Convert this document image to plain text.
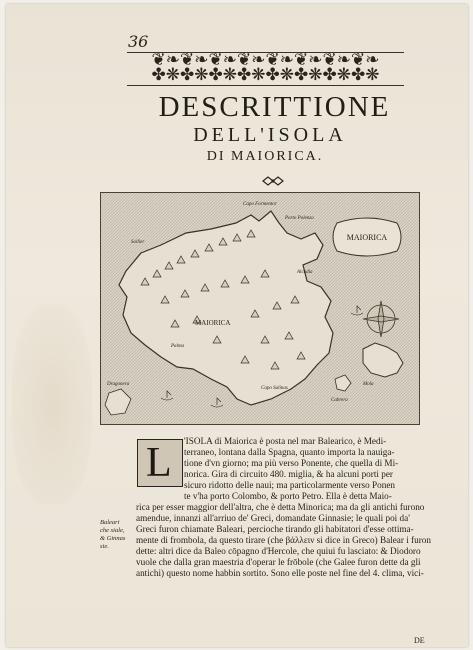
36
❦❧❦❧❦❧❦❧❦❧❦❧❦❧❦❧
✤❋✤❋✤❋✤❋✤❋✤❋✤❋✤❋
DESCRITTIONE
DELL'ISOLA
DI MAIORICA.
MAIORICA
Capo Formentor
Porto Polenza
MAIORICA
Palma
Capo Salinas
Dragonera
Alcudia
Mola
Cabrera
Sollier
L 'ISOLA di Maiorica è posta nel mar Balearico, è Medi-
terraneo, lontana dalla Spagna, quanto importa la nauiga-
tione d'vn giorno; ma più verso Ponente, che quella di Mi-
norica. Gira di circuito 480. miglia, & ha alcuni porti per
sicuro ridotto delle naui; ma particolarmente verso Ponen
te v'ha porto Colombo, & porto Petro. Ella è detta Maio-
rica per esser maggior dell'altra, che è detta Minorica; ma da gli antichi furono
amendue, innanzi all'arriuo de' Greci, domandate Ginnasie; le quali poi da'
Greci furon chiamate Baleari, percioche tirando gli habitatori d'esse ottima-
mente di frombola, da questo tirare (che βάλλειν si dice in Greco) Balear i furon
dette: altri dice da Baleo cōpagno d'Hercole, che quiui fu lasciato: & Diodoro
vuole che dalla gran maestria d'operar le frōbole (che Galee furon dette da gli
antichi) questo nome habbin sortito. Sono elle poste nel fine del 4. clima, vici-
Baleari
che siale,
& Ginnas
sie.
DE
